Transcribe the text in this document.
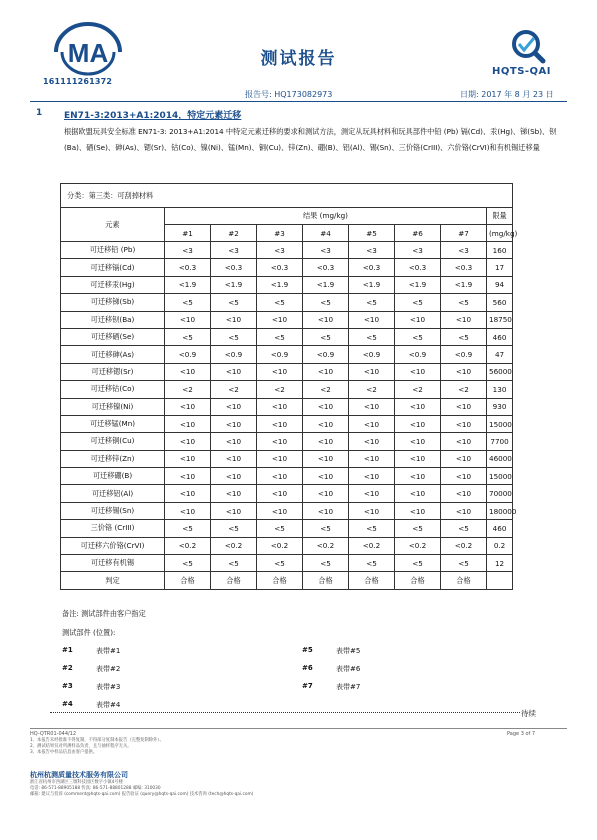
MA
161111261372
测试报告
HQTS-QAI
报告号: HQ173082973	日期: 2017 年 8 月 23 日
1 EN71-3:2013+A1:2014，特定元素迁移
根据欧盟玩具安全标准 EN71-3: 2013+A1:2014 中特定元素迁移的要求和测试方法，测定从玩具材料和玩具部件中铅 (Pb) 镉(Cd)、汞(Hg)、锑(Sb)、钡(Ba)、硒(Se)、砷(As)、锶(Sr)、钴(Co)、镍(Ni)、锰(Mn)、铜(Cu)、锌(Zn)、硼(B)、铝(Al)、锡(Sn)、三价铬(CrIII)、六价铬(CrVI)和有机锡迁移量
分类：第三类：可刮掉材料								
元素	结果 (mg/kg)							限量
	#1	#2	#3	#4	#5	#6	#7	(mg/kg)
可迁移铅 (Pb)	<3	<3	<3	<3	<3	<3	<3	160
可迁移镉(Cd)	<0.3	<0.3	<0.3	<0.3	<0.3	<0.3	<0.3	17
可迁移汞(Hg)	<1.9	<1.9	<1.9	<1.9	<1.9	<1.9	<1.9	94
可迁移锑(Sb)	<5	<5	<5	<5	<5	<5	<5	560
可迁移钡(Ba)	<10	<10	<10	<10	<10	<10	<10	18750
可迁移硒(Se)	<5	<5	<5	<5	<5	<5	<5	460
可迁移砷(As)	<0.9	<0.9	<0.9	<0.9	<0.9	<0.9	<0.9	47
可迁移锶(Sr)	<10	<10	<10	<10	<10	<10	<10	56000
可迁移钴(Co)	<2	<2	<2	<2	<2	<2	<2	130
可迁移镍(Ni)	<10	<10	<10	<10	<10	<10	<10	930
可迁移锰(Mn)	<10	<10	<10	<10	<10	<10	<10	15000
可迁移铜(Cu)	<10	<10	<10	<10	<10	<10	<10	7700
可迁移锌(Zn)	<10	<10	<10	<10	<10	<10	<10	46000
可迁移硼(B)	<10	<10	<10	<10	<10	<10	<10	15000
可迁移铝(Al)	<10	<10	<10	<10	<10	<10	<10	70000
可迁移锡(Sn)	<10	<10	<10	<10	<10	<10	<10	180000
三价铬 (CrIII)	<5	<5	<5	<5	<5	<5	<5	460
可迁移六价铬(CrVI)	<0.2	<0.2	<0.2	<0.2	<0.2	<0.2	<0.2	0.2
可迁移有机锡	<5	<5	<5	<5	<5	<5	<5	12
判定	合格	合格	合格	合格	合格	合格	合格	
备注: 测试部件由客户指定
测试部件 (位置):
#1	表带#1
#2	表带#2
#3	表带#3
#4	表带#4
#5	表带#5
#6	表带#6
#7	表带#7
待续
HQ-QTR01-044/12	Page 3 of 7
1、本报告未经批准不得复制，不得部分复制本报告（完整复制除外）。
2、测试结果仅对所测样品负责，且与抽样程序无关。
3、本报告中样品信息由客户提供。
杭州杭测质量技术服务有限公司
浙江省杭州市西湖区三墩科技园区数字小镇4号楼
电话: 86-571-88905188 传真: 86-571-88801288 邮编: 310030
邮箱: 建议与投诉 (comment@hqts-qai.com) 报告验证 (query@hqts-qai.com) 技术咨询 (tech@hqts-qai.com)
